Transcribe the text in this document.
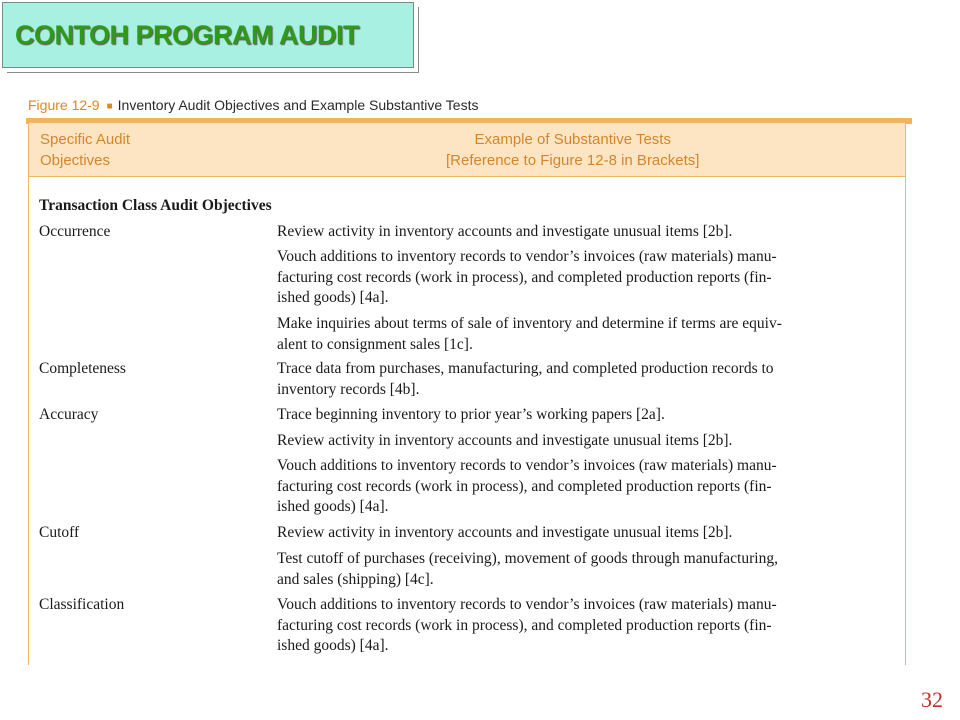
CONTOH PROGRAM AUDIT
Figure 12-9 ■ Inventory Audit Objectives and Example Substantive Tests
Specific Audit
Objectives
Example of Substantive Tests
[Reference to Figure 12-8 in Brackets]
Transaction Class Audit Objectives
Occurrence	Review activity in inventory accounts and investigate unusual items [2b].
Vouch additions to inventory records to vendor’s invoices (raw materials) manu-
facturing cost records (work in process), and completed production reports (fin-
ished goods) [4a].
Make inquiries about terms of sale of inventory and determine if terms are equiv-
alent to consignment sales [1c].
Completeness	Trace data from purchases, manufacturing, and completed production records to
inventory records [4b].
Accuracy	Trace beginning inventory to prior year’s working papers [2a].
Review activity in inventory accounts and investigate unusual items [2b].
Vouch additions to inventory records to vendor’s invoices (raw materials) manu-
facturing cost records (work in process), and completed production reports (fin-
ished goods) [4a].
Cutoff	Review activity in inventory accounts and investigate unusual items [2b].
Test cutoff of purchases (receiving), movement of goods through manufacturing,
and sales (shipping) [4c].
Classification	Vouch additions to inventory records to vendor’s invoices (raw materials) manu-
facturing cost records (work in process), and completed production reports (fin-
ished goods) [4a].
32
